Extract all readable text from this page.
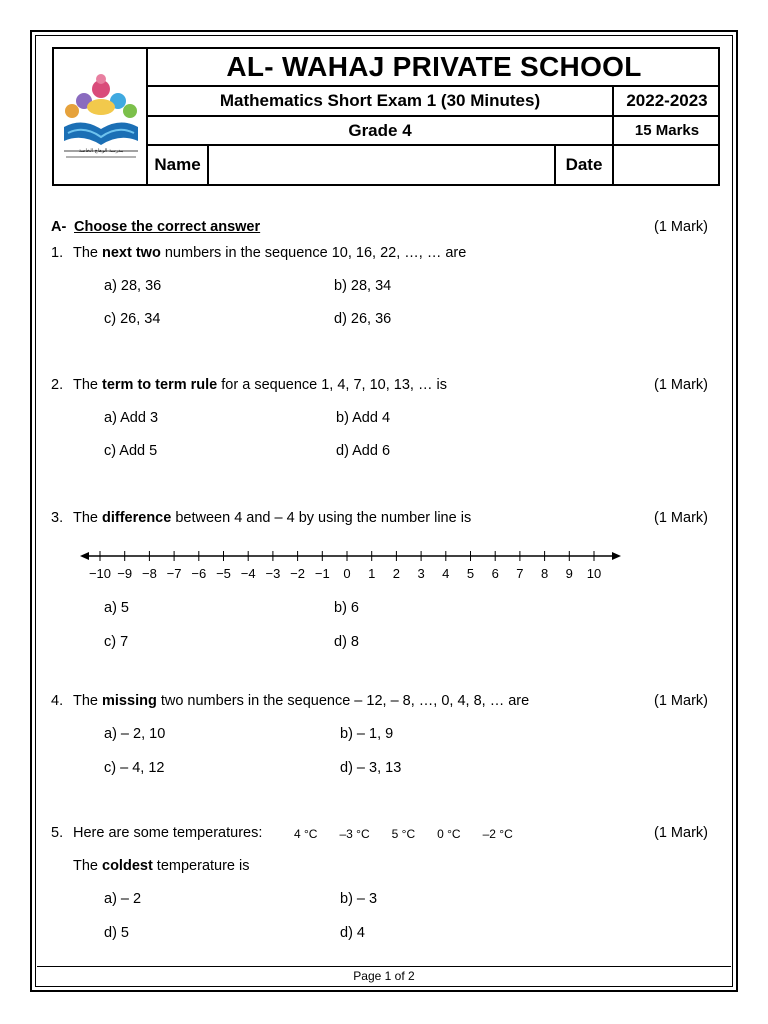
مدرسة الوهاج الخاصة
AL- WAHAJ PRIVATE SCHOOL
Mathematics Short Exam 1 (30 Minutes)	2022-2023
Grade 4	15 Marks
Name	Date
A- Choose the correct answer	(1 Mark)
1. The next two numbers in the sequence 10, 16, 22, …, … are
a) 28, 36	b) 28, 34
c) 26, 34	d) 26, 36
2. The term to term rule for a sequence 1, 4, 7, 10, 13, … is	(1 Mark)
a) Add 3	b) Add 4
c) Add 5	d) Add 6
3. The difference between 4 and – 4 by using the number line is	(1 Mark)
−10 −9 −8 −7 −6 −5 −4 −3 −2 −1 0 1 2 3 4 5 6 7 8 9 10
a) 5	b) 6
c) 7	d) 8
4. The missing two numbers in the sequence – 12, – 8, …, 0, 4, 8, … are	(1 Mark)
a) – 2, 10	b) – 1, 9
c) – 4, 12	d) – 3, 13
5. Here are some temperatures:	4 °C –3 °C 5 °C 0 °C –2 °C	(1 Mark)
The coldest temperature is
a) – 2	b) – 3
d) 5	d) 4
Page 1 of 2
